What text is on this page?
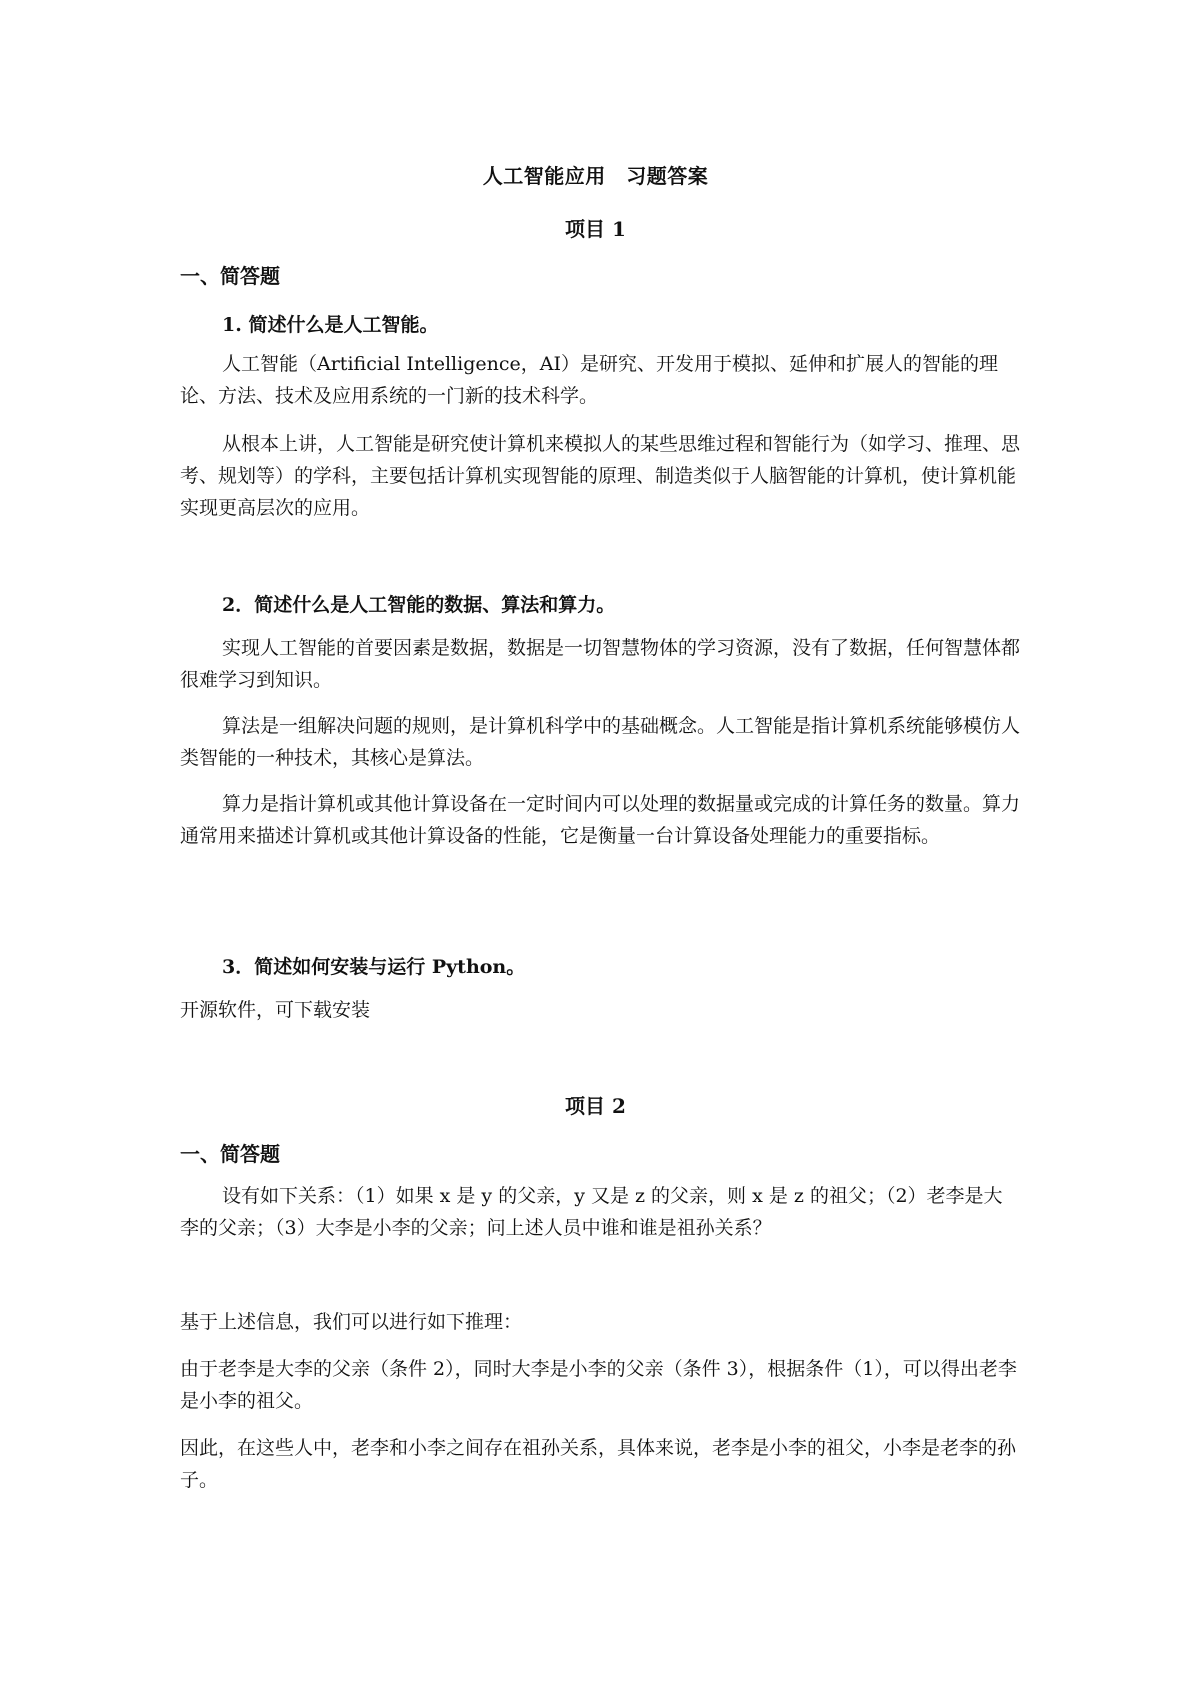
人工智能应用　习题答案
项目 1
一、简答题
1. 简述什么是人工智能。

人工智能（Artificial Intelligence，AI）是研究、开发用于模拟、延伸和扩展人的智能的理论、方法、技术及应用系统的一门新的技术科学。

从根本上讲，人工智能是研究使计算机来模拟人的某些思维过程和智能行为（如学习、推理、思考、规划等）的学科，主要包括计算机实现智能的原理、制造类似于人脑智能的计算机，使计算机能实现更高层次的应用。

2．简述什么是人工智能的数据、算法和算力。

实现人工智能的首要因素是数据，数据是一切智慧物体的学习资源，没有了数据，任何智慧体都很难学习到知识。

算法是一组解决问题的规则，是计算机科学中的基础概念。人工智能是指计算机系统能够模仿人类智能的一种技术，其核心是算法。

算力是指计算机或其他计算设备在一定时间内可以处理的数据量或完成的计算任务的数量。算力通常用来描述计算机或其他计算设备的性能，它是衡量一台计算设备处理能力的重要指标。

3．简述如何安装与运行 Python。

开源软件，可下载安装

项目 2
一、简答题

设有如下关系：（1）如果 x 是 y 的父亲，y 又是 z 的父亲，则 x 是 z 的祖父；（2）老李是大李的父亲；（3）大李是小李的父亲；问上述人员中谁和谁是祖孙关系？

基于上述信息，我们可以进行如下推理：

由于老李是大李的父亲（条件 2），同时大李是小李的父亲（条件 3），根据条件（1），可以得出老李是小李的祖父。

因此，在这些人中，老李和小李之间存在祖孙关系，具体来说，老李是小李的祖父，小李是老李的孙子。
